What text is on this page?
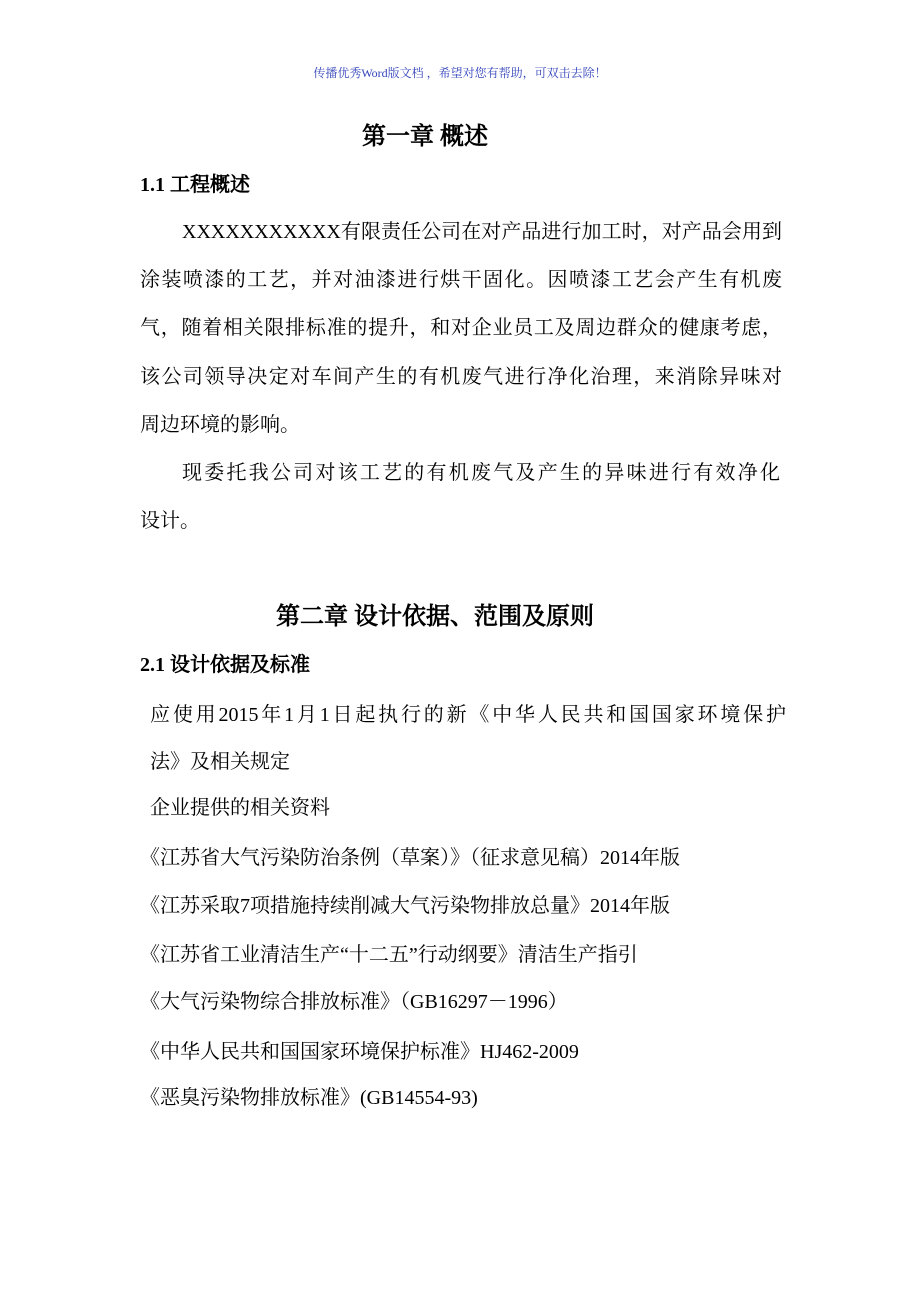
传播优秀Word版文档 ，希望对您有帮助，可双击去除！
第一章 概述
1.1 工程概述
XXXXXXXXXXX有限责任公司在对产品进行加工时，对产品会用到
涂装喷漆的工艺，并对油漆进行烘干固化。因喷漆工艺会产生有机废
气，随着相关限排标准的提升，和对企业员工及周边群众的健康考虑，
该公司领导决定对车间产生的有机废气进行净化治理，来消除异味对
周边环境的影响。
现委托我公司对该工艺的有机废气及产生的异味进行有效净化
设计。
第二章 设计依据、范围及原则
2.1 设计依据及标准
应使用2015年1月1日起执行的新《中华人民共和国国家环境保护
法》及相关规定
企业提供的相关资料
《江苏省大气污染防治条例（草案）》（征求意见稿）2014年版
《江苏采取7项措施持续削减大气污染物排放总量》2014年版
《江苏省工业清洁生产“十二五”行动纲要》清洁生产指引
《大气污染物综合排放标准》（GB16297－1996）
《中华人民共和国国家环境保护标准》HJ462-2009
《恶臭污染物排放标准》(GB14554-93)
